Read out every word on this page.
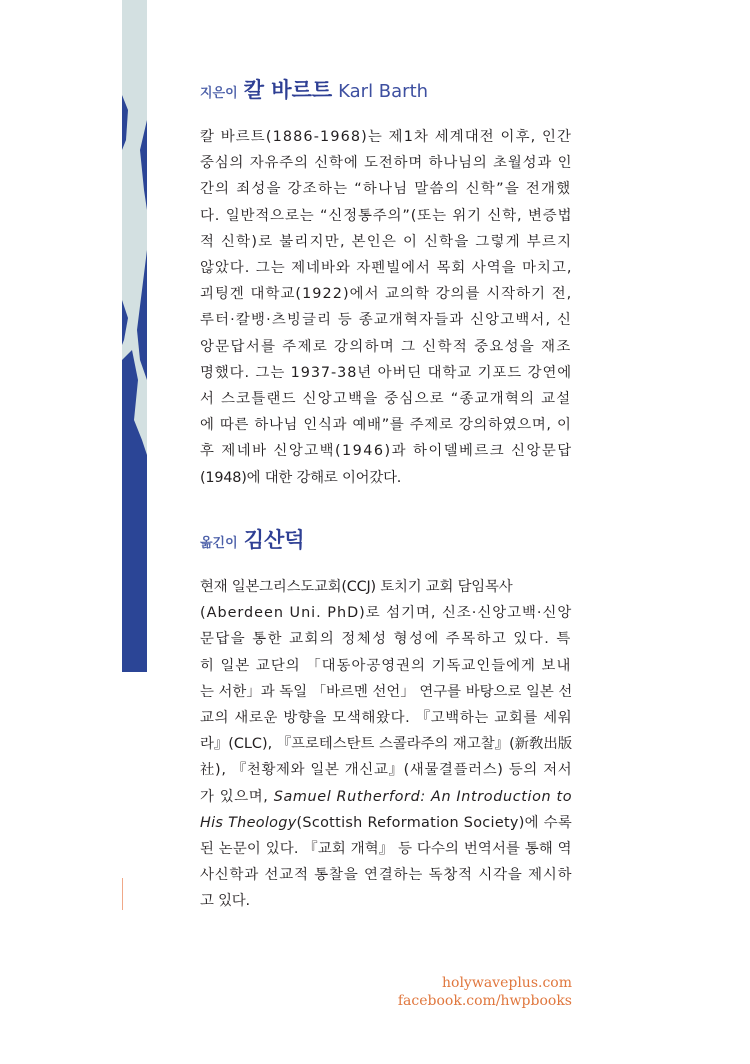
지은이 칼 바르트 Karl Barth

칼 바르트(1886-1968)는 제1차 세계대전 이후, 인간
중심의 자유주의 신학에 도전하며 하나님의 초월성과 인
간의 죄성을 강조하는 “하나님 말씀의 신학”을 전개했
다. 일반적으로는 “신정통주의”(또는 위기 신학, 변증법
적 신학)로 불리지만, 본인은 이 신학을 그렇게 부르지
않았다. 그는 제네바와 자펜빌에서 목회 사역을 마치고,
괴팅겐 대학교(1922)에서 교의학 강의를 시작하기 전,
루터·칼뱅·츠빙글리 등 종교개혁자들과 신앙고백서, 신
앙문답서를 주제로 강의하며 그 신학적 중요성을 재조
명했다. 그는 1937-38년 아버딘 대학교 기포드 강연에
서 스코틀랜드 신앙고백을 중심으로 “종교개혁의 교설
에 따른 하나님 인식과 예배”를 주제로 강의하였으며, 이
후 제네바 신앙고백(1946)과 하이델베르크 신앙문답
(1948)에 대한 강해로 이어갔다.

옮긴이 김산덕

현재 일본그리스도교회(CCJ) 토치기 교회 담임목사
(Aberdeen Uni. PhD)로 섬기며, 신조·신앙고백·신앙
문답을 통한 교회의 정체성 형성에 주목하고 있다. 특
히 일본 교단의 「대동아공영권의 기독교인들에게 보내
는 서한」과 독일 「바르멘 선언」 연구를 바탕으로 일본 선
교의 새로운 방향을 모색해왔다. 『고백하는 교회를 세워
라』(CLC), 『프로테스탄트 스콜라주의 재고찰』(新敎出版
社), 『천황제와 일본 개신교』(새물결플러스) 등의 저서
가 있으며, Samuel Rutherford: An Introduction to
His Theology(Scottish Reformation Society)에 수록
된 논문이 있다. 『교회 개혁』 등 다수의 번역서를 통해 역
사신학과 선교적 통찰을 연결하는 독창적 시각을 제시하
고 있다.

holywaveplus.com
facebook.com/hwpbooks
